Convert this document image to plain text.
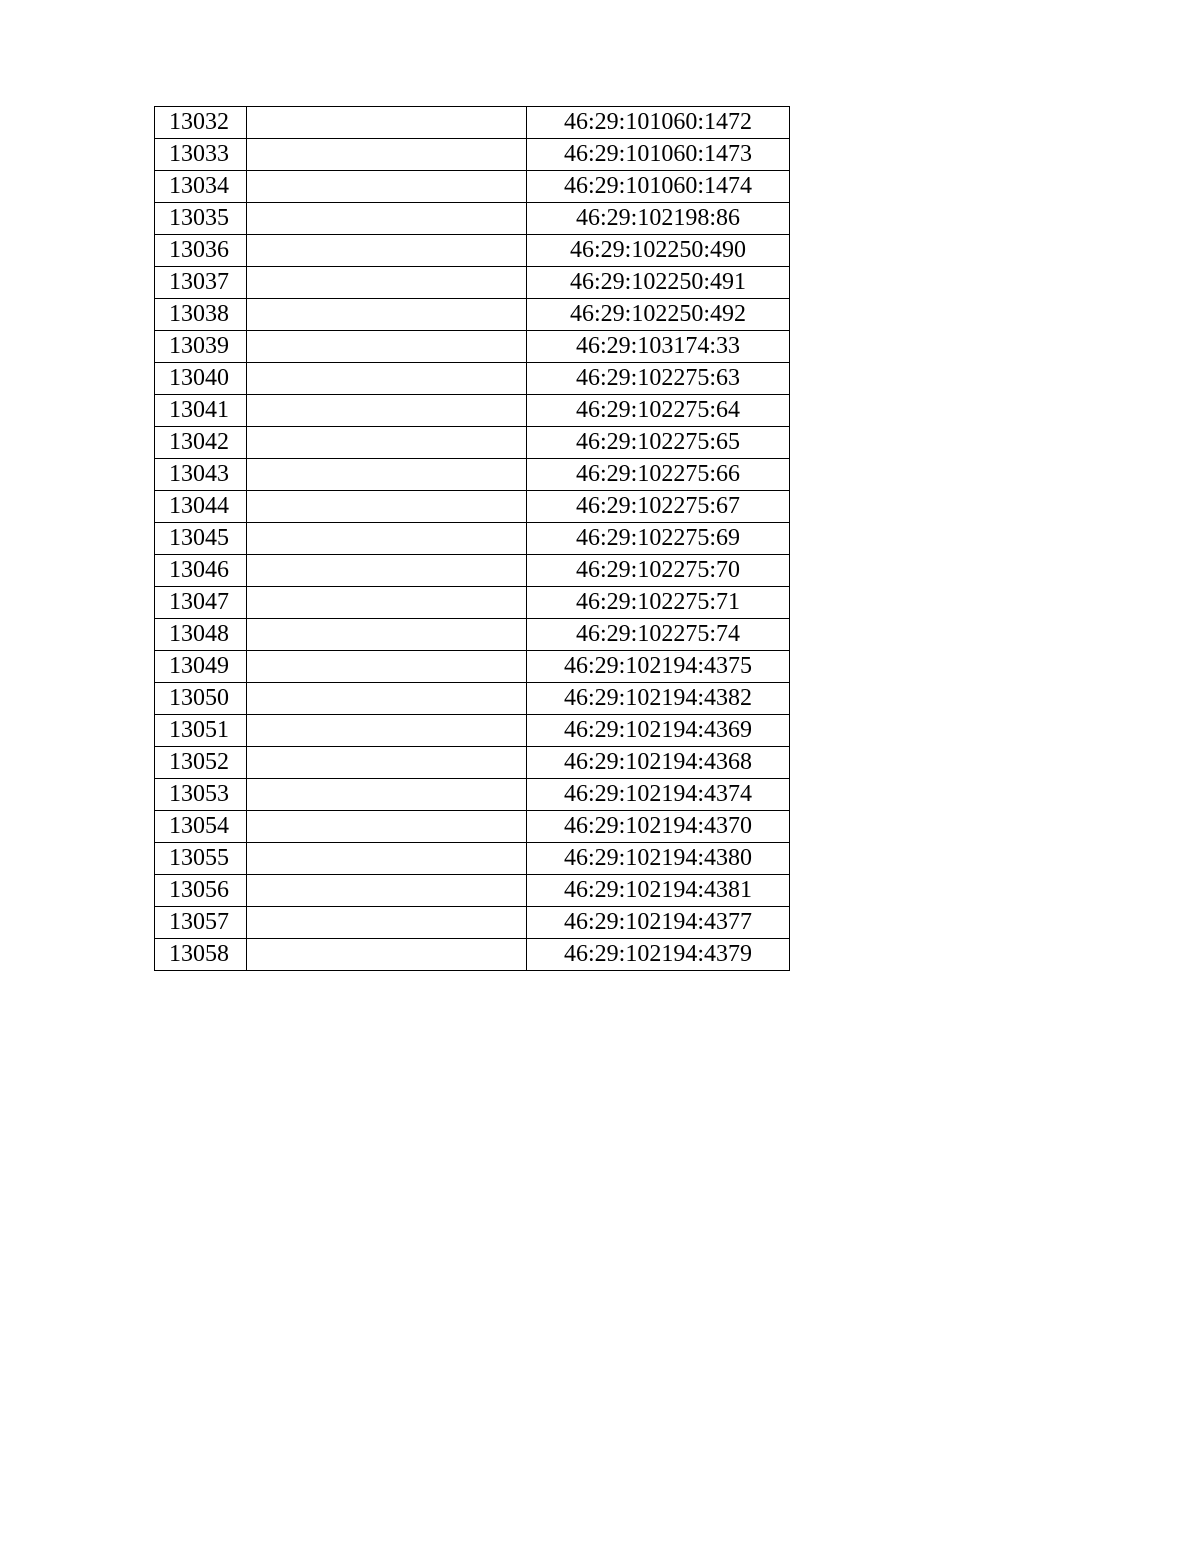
13032		46:29:101060:1472
13033		46:29:101060:1473
13034		46:29:101060:1474
13035		46:29:102198:86
13036		46:29:102250:490
13037		46:29:102250:491
13038		46:29:102250:492
13039		46:29:103174:33
13040		46:29:102275:63
13041		46:29:102275:64
13042		46:29:102275:65
13043		46:29:102275:66
13044		46:29:102275:67
13045		46:29:102275:69
13046		46:29:102275:70
13047		46:29:102275:71
13048		46:29:102275:74
13049		46:29:102194:4375
13050		46:29:102194:4382
13051		46:29:102194:4369
13052		46:29:102194:4368
13053		46:29:102194:4374
13054		46:29:102194:4370
13055		46:29:102194:4380
13056		46:29:102194:4381
13057		46:29:102194:4377
13058		46:29:102194:4379
